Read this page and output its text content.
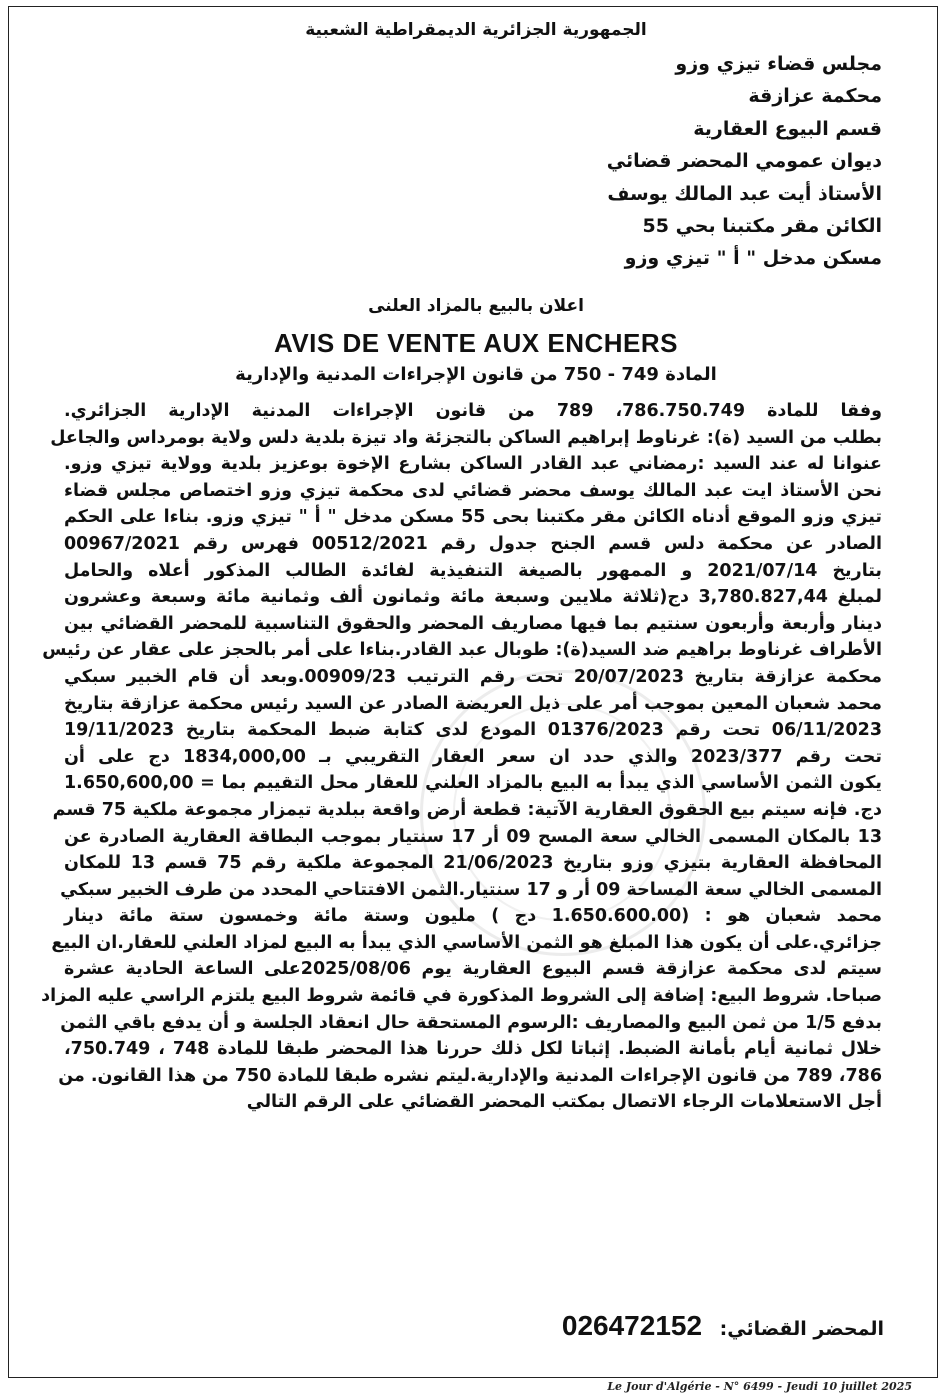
الجمهورية الجزائرية الديمقراطية الشعبية
مجلس قضاء تيزي وزو
محكمة عزازقة
قسم البيوع العقارية
ديوان عمومي المحضر قضائي
الأستاذ أيت عبد المالك يوسف
الكائن مقر مكتبنا بحي 55
مسكن مدخل " أ " تيزي وزو
اعلان بالبيع بالمزاد العلنى
AVIS DE VENTE AUX ENCHERS
المادة 749 - 750 من قانون الإجراءات المدنية والإدارية
وفقا للمادة 786.750.749، 789 من قانون الإجراءات المدنية الإدارية الجزائري.
بطلب من السيد (ة): غرناوط إبراهيم الساكن بالتجزئة واد تيزة بلدية دلس ولاية بومرداس والجاعل
عنوانا له عند السيد :رمضاني عبد القادر الساكن بشارع الإخوة بوعزيز بلدية وولاية تيزي وزو.
نحن الأستاذ ايت عبد المالك يوسف محضر قضائي لدى محكمة تيزي وزو اختصاص مجلس قضاء
تيزي وزو الموقع أدناه الكائن مقر مكتبنا بحى 55 مسكن مدخل " أ " تيزي وزو. بناءا على الحكم
الصادر عن محكمة دلس قسم الجنح جدول رقم 00512/2021 فهرس رقم 00967/2021
بتاريخ 2021/07/14 و الممهور بالصيغة التنفيذية لفائدة الطالب المذكور أعلاه والحامل
لمبلغ 3,780.827,44 دج(ثلاثة ملايين وسبعة مائة وثمانون ألف وثمانية مائة وسبعة وعشرون
دينار وأربعة وأربعون سنتيم بما فيها مصاريف المحضر والحقوق التناسبية للمحضر القضائي بين
الأطراف غرناوط براهيم ضد السيد(ة): طوبال عبد القادر.بناءا على أمر بالحجز على عقار عن رئيس
محكمة عزازقة بتاريخ 20/07/2023 تحت رقم الترتيب 00909/23.وبعد أن قام الخبير سبكي
محمد شعبان المعين بموجب أمر على ذيل العريضة الصادر عن السيد رئيس محكمة عزازقة بتاريخ
06/11/2023 تحت رقم 01376/2023 المودع لدى كتابة ضبط المحكمة بتاريخ 19/11/2023
تحت رقم 2023/377 والذي حدد ان سعر العقار التقريبي بـ 1834,000,00 دج على أن
يكون الثمن الأساسي الذي يبدأ به البيع بالمزاد العلني للعقار محل التقييم بما = 1.650,600,00
دج. فإنه سيتم بيع الحقوق العقارية الآتية: قطعة أرض واقعة ببلدية تيمزار مجموعة ملكية 75 قسم
13 بالمكان المسمى الخالي سعة المسح 09 أر 17 سنتيار بموجب البطاقة العقارية الصادرة عن
المحافظة العقارية بتيزي وزو بتاريخ 21/06/2023 المجموعة ملكية رقم 75 قسم 13 للمكان
المسمى الخالي سعة المساحة 09 أر و 17 سنتيار.الثمن الافتتاحي المحدد من طرف الخبير سبكي
محمد شعبان هو : (1.650.600.00 دج ) مليون وستة مائة وخمسون ستة مائة دينار
جزائري.على أن يكون هذا المبلغ هو الثمن الأساسي الذي يبدأ به البيع لمزاد العلني للعقار.ان البيع
سيتم لدى محكمة عزازقة قسم البيوع العقارية يوم 2025/08/06على الساعة الحادية عشرة
صباحا. شروط البيع: إضافة إلى الشروط المذكورة في قائمة شروط البيع يلتزم الراسي عليه المزاد
بدفع 1/5 من ثمن البيع والمصاريف :الرسوم المستحقة حال انعقاد الجلسة و أن يدفع باقي الثمن
خلال ثمانية أيام بأمانة الضبط. إثباتا لكل ذلك حررنا هذا المحضر طبقا للمادة 748 ، 750.749،
786، 789 من قانون الإجراءات المدنية والإدارية.ليتم نشره طبقا للمادة 750 من هذا القانون. من
أجل الاستعلامات الرجاء الاتصال بمكتب المحضر القضائي على الرقم التالي
المحضر القضائي: 026472152
Le Jour d'Algérie - N° 6499 - Jeudi 10 juillet 2025
